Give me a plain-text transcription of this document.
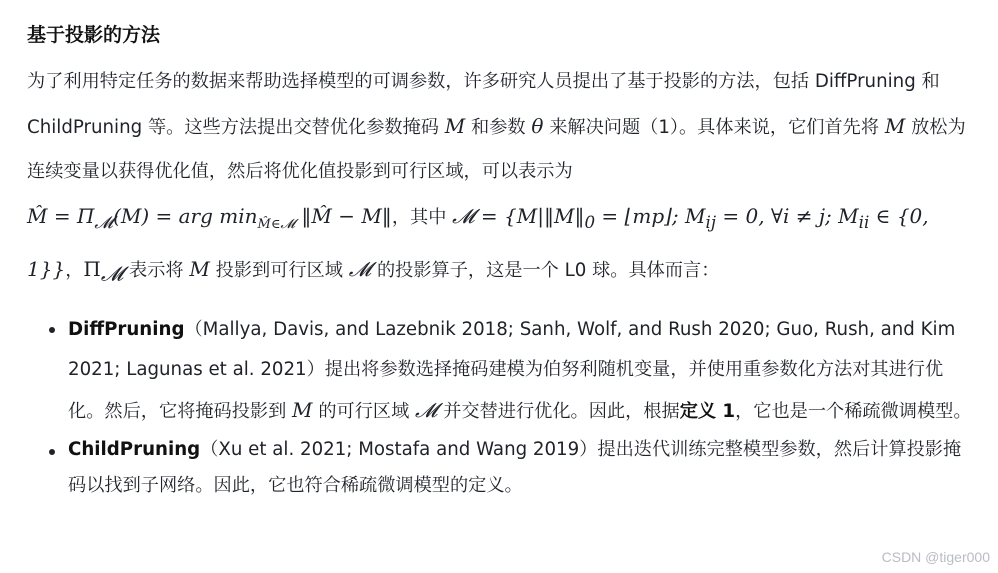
基于投影的方法

为了利用特定任务的数据来帮助选择模型的可调参数，许多研究人员提出了基于投影的方法，包括 DiffPruning 和 ChildPruning 等。这些方法提出交替优化参数掩码 M 和参数 θ 来解决问题（1）。具体来说，它们首先将 M 放松为连续变量以获得优化值，然后将优化值投影到可行区域，可以表示为
M̂ = $\Pi_𝓜(M)$ = arg $\min_{M̂\in 𝓜}$ ‖M̂ − M‖，其中 𝓜 = {$M|‖M‖_0$ = ⌊mp⌋; $M_{ij} = 0$, ∀i ≠ j; $M_{ii}$ ∈ {0, 1}}，$\Pi_𝓜$ 表示将 M 投影到可行区域 𝓜 的投影算子，这是一个 L0 球。具体而言：

DiffPruning（Mallya, Davis, and Lazebnik 2018; Sanh, Wolf, and Rush 2020; Guo, Rush, and Kim 2021; Lagunas et al. 2021）提出将参数选择掩码建模为伯努利随机变量，并使用重参数化方法对其进行优化。然后，它将掩码投影到 M 的可行区域 𝓜 并交替进行优化。因此，根据定义 1，它也是一个稀疏微调模型。
ChildPruning（Xu et al. 2021; Mostafa and Wang 2019）提出迭代训练完整模型参数，然后计算投影掩码以找到子网络。因此，它也符合稀疏微调模型的定义。
CSDN @tiger000
